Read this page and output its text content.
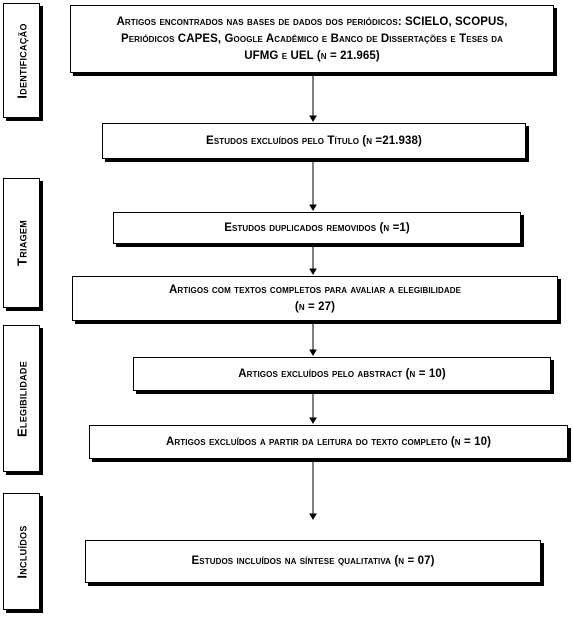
Identificação
Triagem
Elegibilidade
Incluídos
Artigos encontrados nas bases de dados dos periódicos: SCIELO, SCOPUS,
Periódicos CAPES, Google Acadêmico e Banco de Dissertações e Teses da
UFMG e UEL (n = 21.965)
Estudos excluídos pelo Título (n =21.938)
Estudos duplicados removidos (n =1)
Artigos com textos completos para avaliar a elegibilidade
(n = 27)
Artigos excluídos pelo abstract (n = 10)
Artigos excluídos a partir da leitura do texto completo (n = 10)
Estudos incluídos na síntese qualitativa (n = 07)
